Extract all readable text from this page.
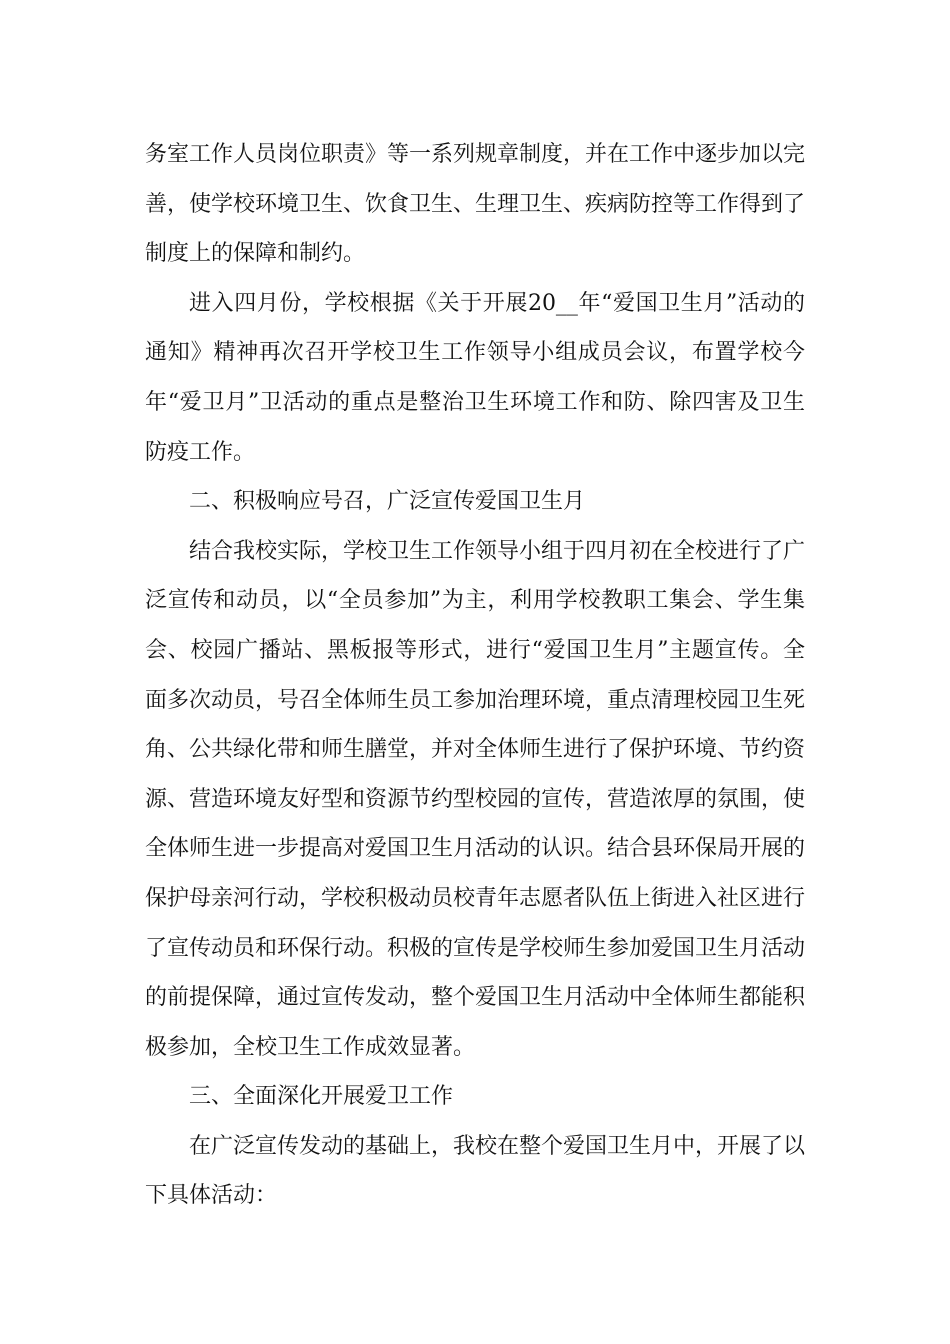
务室工作人员岗位职责》等一系列规章制度，并在工作中逐步加以完善，使学校环境卫生、饮食卫生、生理卫生、疾病防控等工作得到了制度上的保障和制约。

进入四月份，学校根据《关于开展20__年“爱国卫生月”活动的通知》精神再次召开学校卫生工作领导小组成员会议，布置学校今年“爱卫月”卫活动的重点是整治卫生环境工作和防、除四害及卫生防疫工作。

二、积极响应号召，广泛宣传爱国卫生月

结合我校实际，学校卫生工作领导小组于四月初在全校进行了广泛宣传和动员，以“全员参加”为主，利用学校教职工集会、学生集会、校园广播站、黑板报等形式，进行“爱国卫生月”主题宣传。全面多次动员，号召全体师生员工参加治理环境，重点清理校园卫生死角、公共绿化带和师生膳堂，并对全体师生进行了保护环境、节约资源、营造环境友好型和资源节约型校园的宣传，营造浓厚的氛围，使全体师生进一步提高对爱国卫生月活动的认识。结合县环保局开展的保护母亲河行动，学校积极动员校青年志愿者队伍上街进入社区进行了宣传动员和环保行动。积极的宣传是学校师生参加爱国卫生月活动的前提保障，通过宣传发动，整个爱国卫生月活动中全体师生都能积极参加，全校卫生工作成效显著。

三、全面深化开展爱卫工作

在广泛宣传发动的基础上，我校在整个爱国卫生月中，开展了以下具体活动：
